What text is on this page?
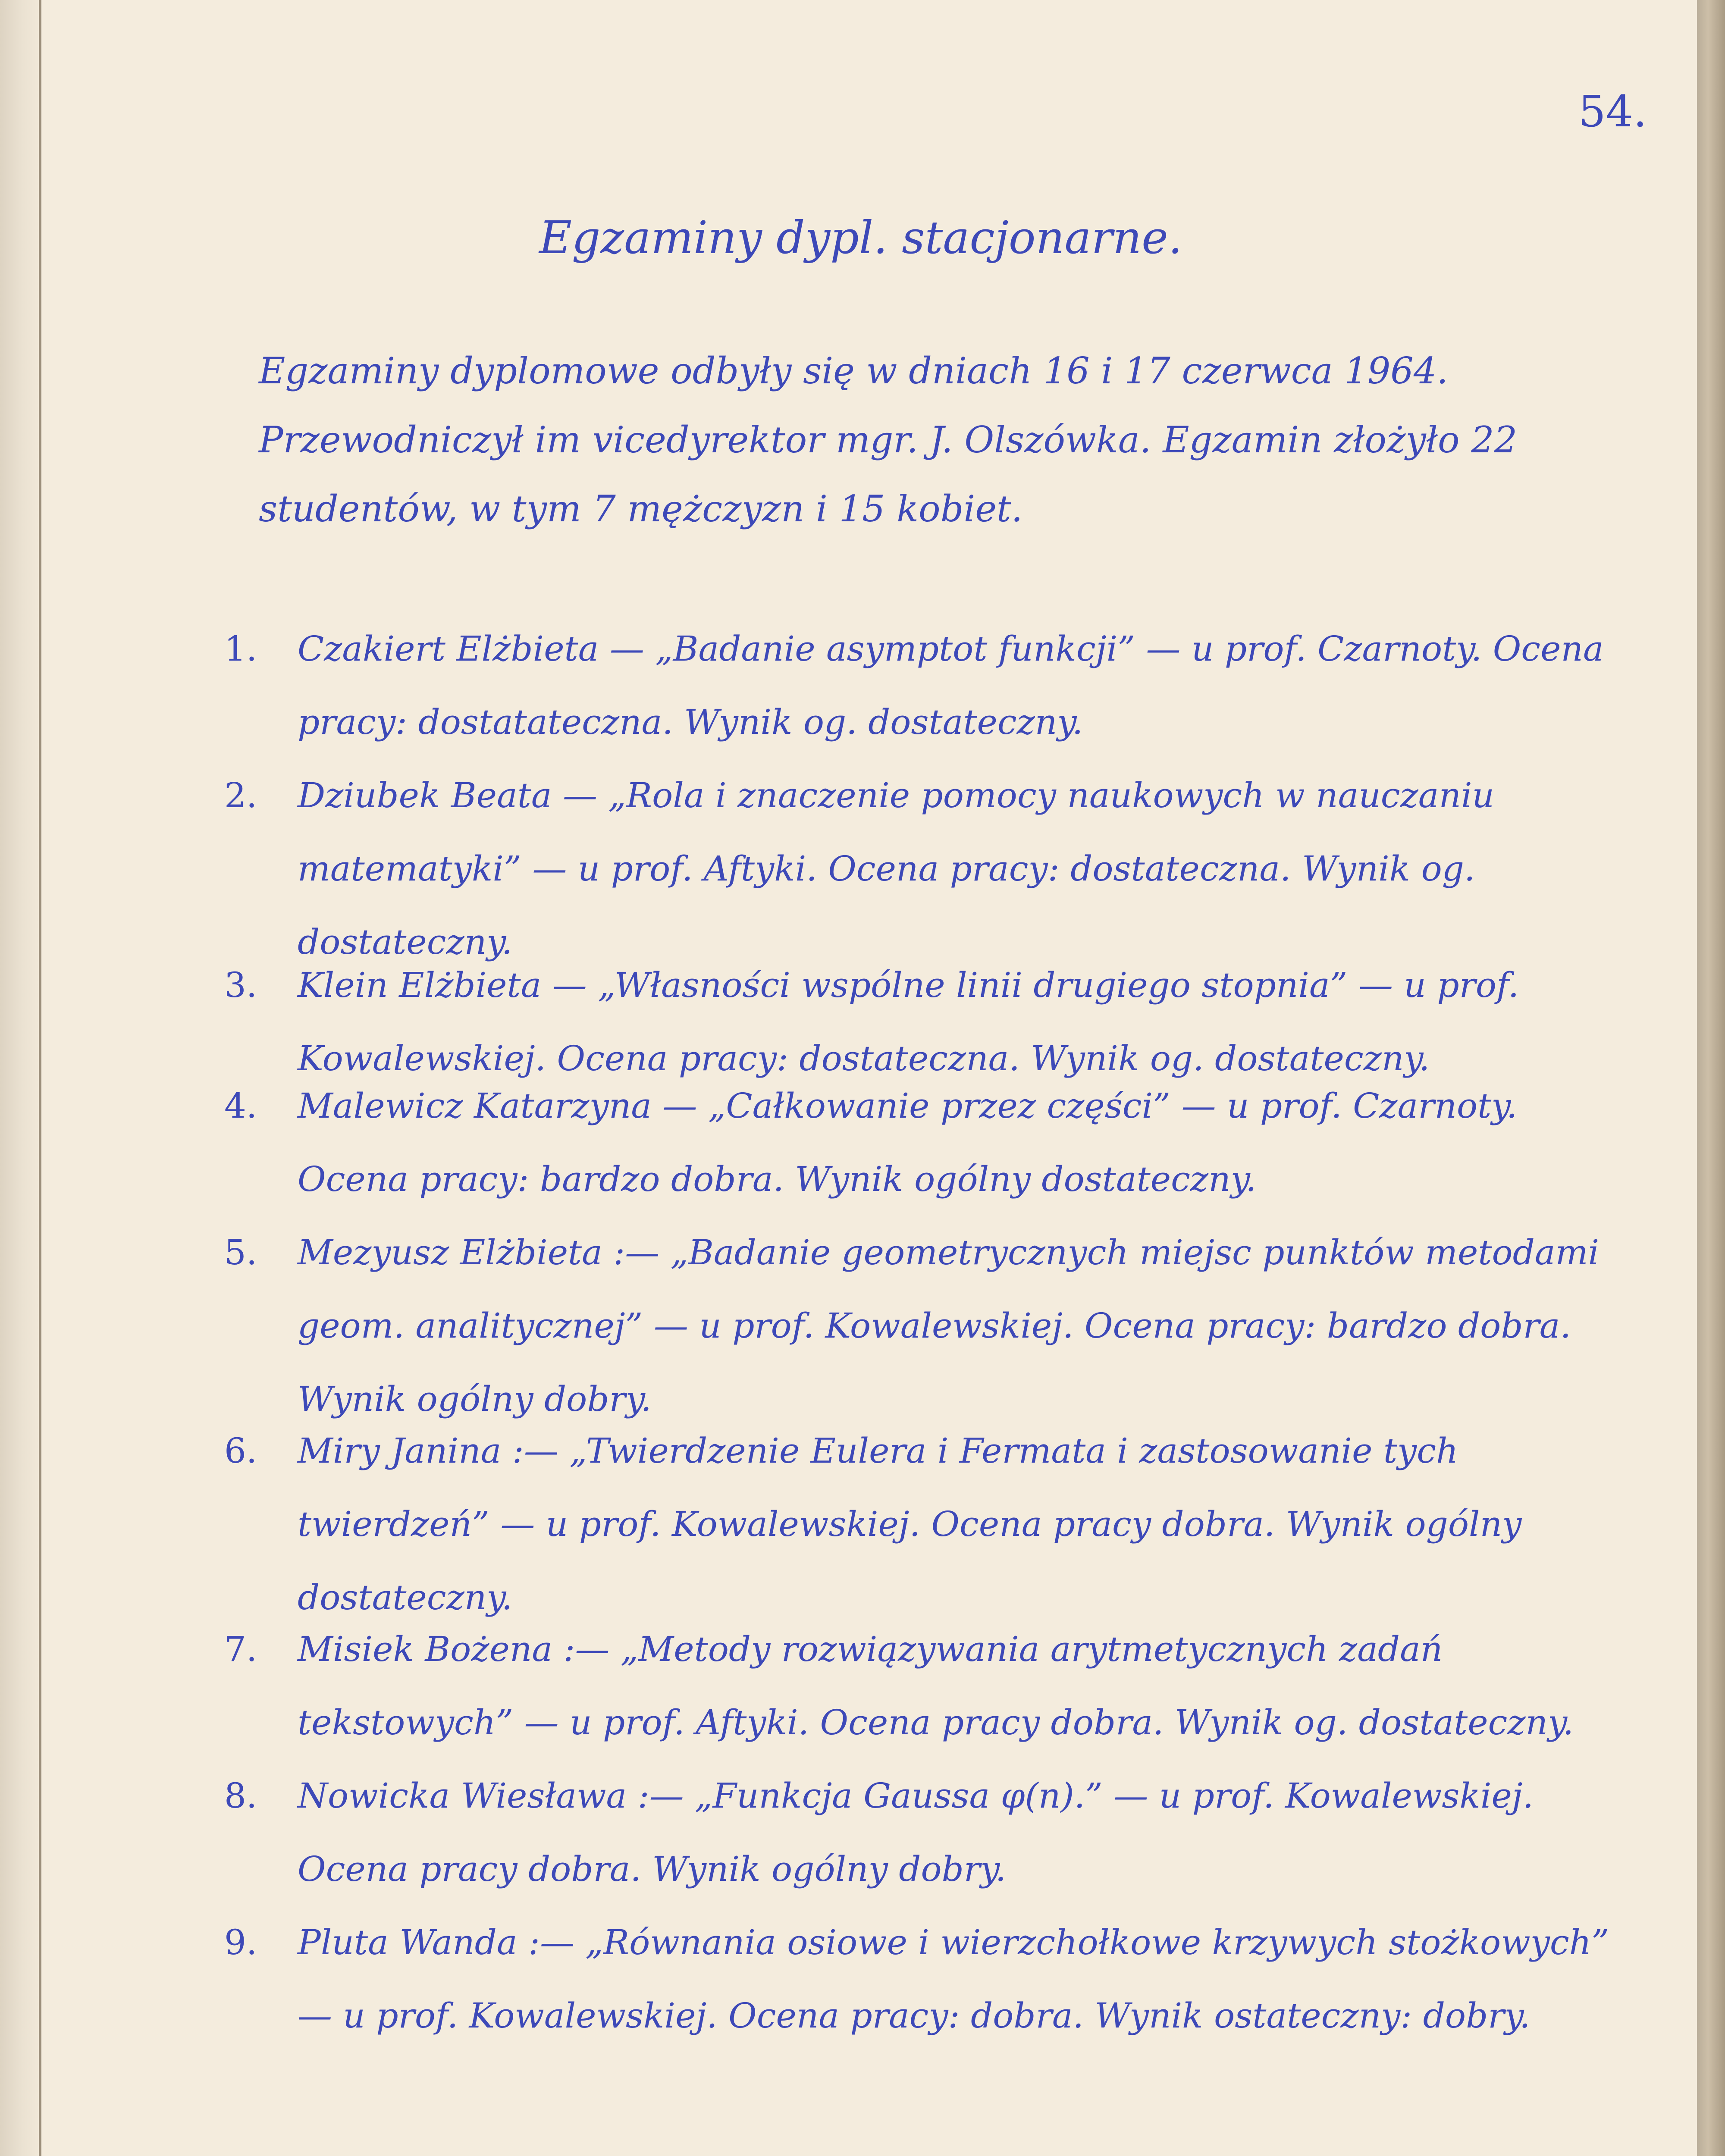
54.
Egzaminy dypl. stacjonarne.

Egzaminy dyplomowe odbyły się w dniach 16 i 17 czerwca 1964. Przewodniczył im vicedyrektor mgr. J. Olszówka. Egzamin złożyło 22 studentów, w tym 7 mężczyzn i 15 kobiet.

1.	Czakiert Elżbieta — „Badanie asymptot funkcji” — u prof. Czarnoty. Ocena pracy: dostatateczna. Wynik og. dostateczny.
2.	Dziubek Beata — „Rola i znaczenie pomocy naukowych w nauczaniu matematyki” — u prof. Aftyki. Ocena pracy: dostateczna. Wynik og. dostateczny.
3.	Klein Elżbieta — „Własności wspólne linii drugiego stopnia” — u prof. Kowalewskiej. Ocena pracy: dostateczna. Wynik og. dostateczny.
4.	Malewicz Katarzyna — „Całkowanie przez części” — u prof. Czarnoty. Ocena pracy: bardzo dobra. Wynik ogólny dostateczny.
5.	Mezyusz Elżbieta :— „Badanie geometrycznych miejsc punktów metodami geom. analitycznej” — u prof. Kowalewskiej. Ocena pracy: bardzo dobra. Wynik ogólny dobry.
6.	Miry Janina :— „Twierdzenie Eulera i Fermata i zastosowanie tych twierdzeń” — u prof. Kowalewskiej. Ocena pracy dobra. Wynik ogólny dostateczny.
7.	Misiek Bożena :— „Metody rozwiązywania arytmetycznych zadań tekstowych” — u prof. Aftyki. Ocena pracy dobra. Wynik og. dostateczny.
8.	Nowicka Wiesława :— „Funkcja Gaussa φ(n).” — u prof. Kowalewskiej. Ocena pracy dobra. Wynik ogólny dobry.
9.	Pluta Wanda :— „Równania osiowe i wierzchołkowe krzywych stożkowych” — u prof. Kowalewskiej. Ocena pracy: dobra. Wynik ostateczny: dobry.
